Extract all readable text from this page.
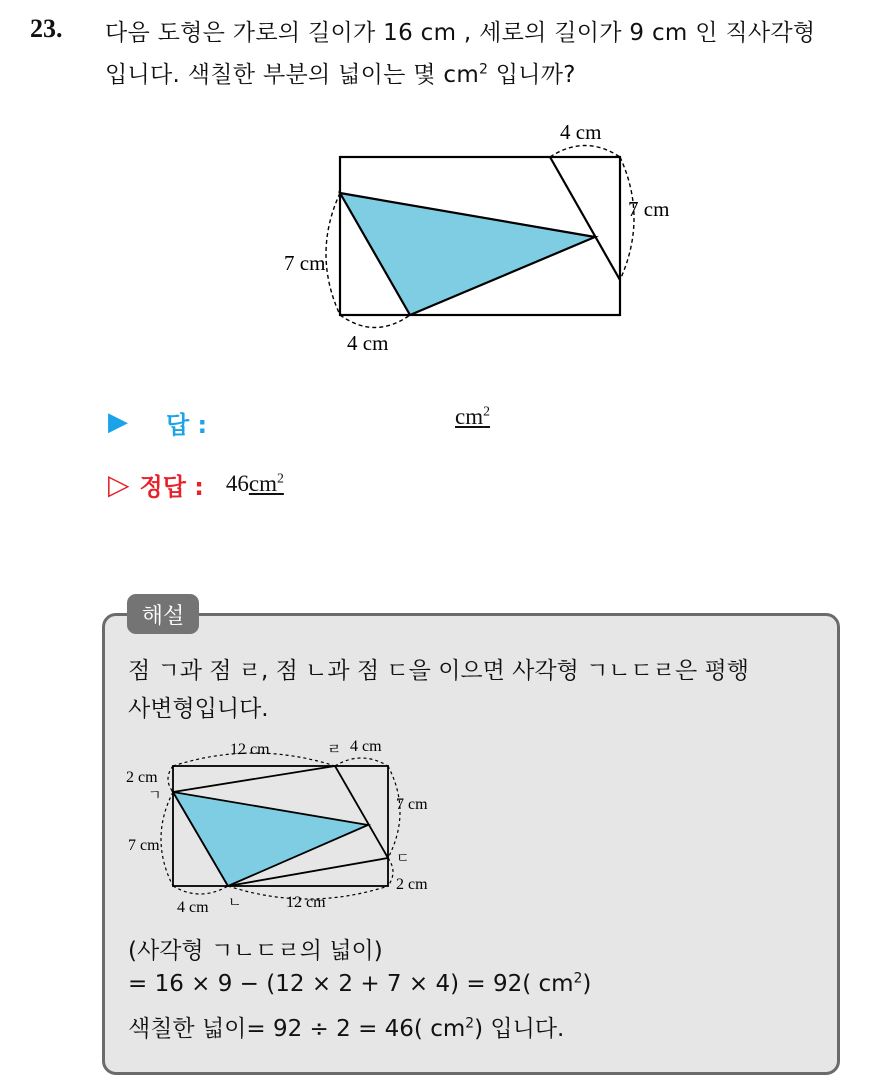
23. 다음 도형은 가로의 길이가 16 cm , 세로의 길이가 9 cm 인 직사각형
입니다. 색칠한 부분의 넓이는 몇 $cm^2$ 입니까?
4 cm
7 cm
7 cm
4 cm
▶ 답 :	$cm^2$
▷ 정답 : $46cm^2$
해설
점 ㄱ과 점 ㄹ, 점 ㄴ과 점 ㄷ을 이으면 사각형 ㄱㄴㄷㄹ은 평행
사변형입니다.
12 cm	ㄹ 4 cm
2 cm
ㄱ	7 cm
7 cm
ㄷ
2 cm
4 cm ㄴ	12 cm
(사각형 ㄱㄴㄷㄹ의 넓이)
= 16 × 9 − (12 × 2 + 7 × 4) = 92( $cm^2$)
색칠한 넓이= 92 ÷ 2 = 46( $cm^2$) 입니다.
